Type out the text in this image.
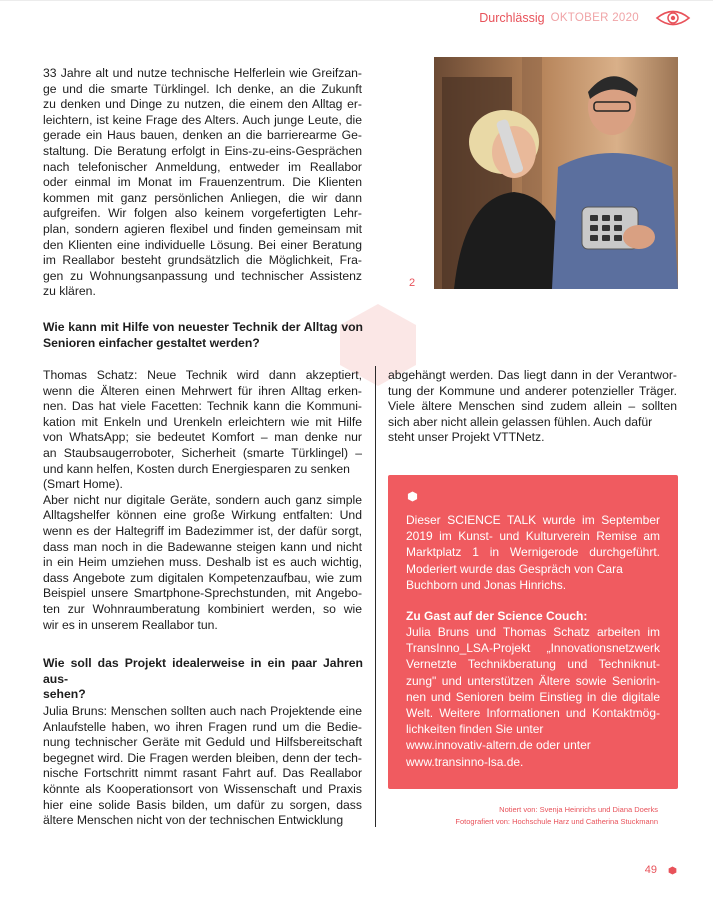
Durchlässig OKTOBER 2020
33 Jahre alt und nutze technische Helferlein wie Greifzan-
ge und die smarte Türklingel. Ich denke, an die Zukunft
zu denken und Dinge zu nutzen, die einem den Alltag er-
leichtern, ist keine Frage des Alters. Auch junge Leute, die
gerade ein Haus bauen, denken an die barrierearme Ge-
staltung. Die Beratung erfolgt in Eins-zu-eins-Gesprächen
nach telefonischer Anmeldung, entweder im Reallabor
oder einmal im Monat im Frauenzentrum. Die Klienten
kommen mit ganz persönlichen Anliegen, die wir dann
aufgreifen. Wir folgen also keinem vorgefertigten Lehr-
plan, sondern agieren flexibel und finden gemeinsam mit
den Klienten eine individuelle Lösung. Bei einer Beratung
im Reallabor besteht grundsätzlich die Möglichkeit, Fra-
gen zu Wohnungsanpassung und technischer Assistenz
zu klären.
2
Wie kann mit Hilfe von neuester Technik der Alltag von
Senioren einfacher gestaltet werden?
Thomas Schatz: Neue Technik wird dann akzeptiert,
wenn die Älteren einen Mehrwert für ihren Alltag erken-
nen. Das hat viele Facetten: Technik kann die Kommuni-
kation mit Enkeln und Urenkeln erleichtern wie mit Hilfe
von WhatsApp; sie bedeutet Komfort – man denke nur
an Staubsaugerroboter, Sicherheit (smarte Türklingel) –
und kann helfen, Kosten durch Energiesparen zu senken
(Smart Home).
Aber nicht nur digitale Geräte, sondern auch ganz simple
Alltagshelfer können eine große Wirkung entfalten: Und
wenn es der Haltegriff im Badezimmer ist, der dafür sorgt,
dass man noch in die Badewanne steigen kann und nicht
in ein Heim umziehen muss. Deshalb ist es auch wichtig,
dass Angebote zum digitalen Kompetenzaufbau, wie zum
Beispiel unsere Smartphone-Sprechstunden, mit Angebo-
ten zur Wohnraumberatung kombiniert werden, so wie
wir es in unserem Reallabor tun.
Wie soll das Projekt idealerweise in ein paar Jahren aus-
sehen?
Julia Bruns: Menschen sollten auch nach Projektende eine
Anlaufstelle haben, wo ihren Fragen rund um die Bedie-
nung technischer Geräte mit Geduld und Hilfsbereitschaft
begegnet wird. Die Fragen werden bleiben, denn der tech-
nische Fortschritt nimmt rasant Fahrt auf. Das Reallabor
könnte als Kooperationsort von Wissenschaft und Praxis
hier eine solide Basis bilden, um dafür zu sorgen, dass
ältere Menschen nicht von der technischen Entwicklung
abgehängt werden. Das liegt dann in der Verantwor-
tung der Kommune und anderer potenzieller Träger.
Viele ältere Menschen sind zudem allein – sollten
sich aber nicht allein gelassen fühlen. Auch dafür
steht unser Projekt VTTNetz.
Dieser SCIENCE TALK wurde im September
2019 im Kunst- und Kulturverein Remise am
Marktplatz 1 in Wernigerode durchgeführt.
Moderiert wurde das Gespräch von Cara
Buchborn und Jonas Hinrichs.
Zu Gast auf der Science Couch:
Julia Bruns und Thomas Schatz arbeiten im
TransInno_LSA-Projekt „Innovationsnetzwerk
Vernetzte Technikberatung und Techniknut-
zung" und unterstützen Ältere sowie Seniorin-
nen und Senioren beim Einstieg in die digitale
Welt. Weitere Informationen und Kontaktmög-
lichkeiten finden Sie unter
www.innovativ-altern.de oder unter
www.transinno-lsa.de.
Notiert von: Svenja Heinrichs und Diana Doerks
Fotografiert von: Hochschule Harz und Catherina Stuckmann
49
